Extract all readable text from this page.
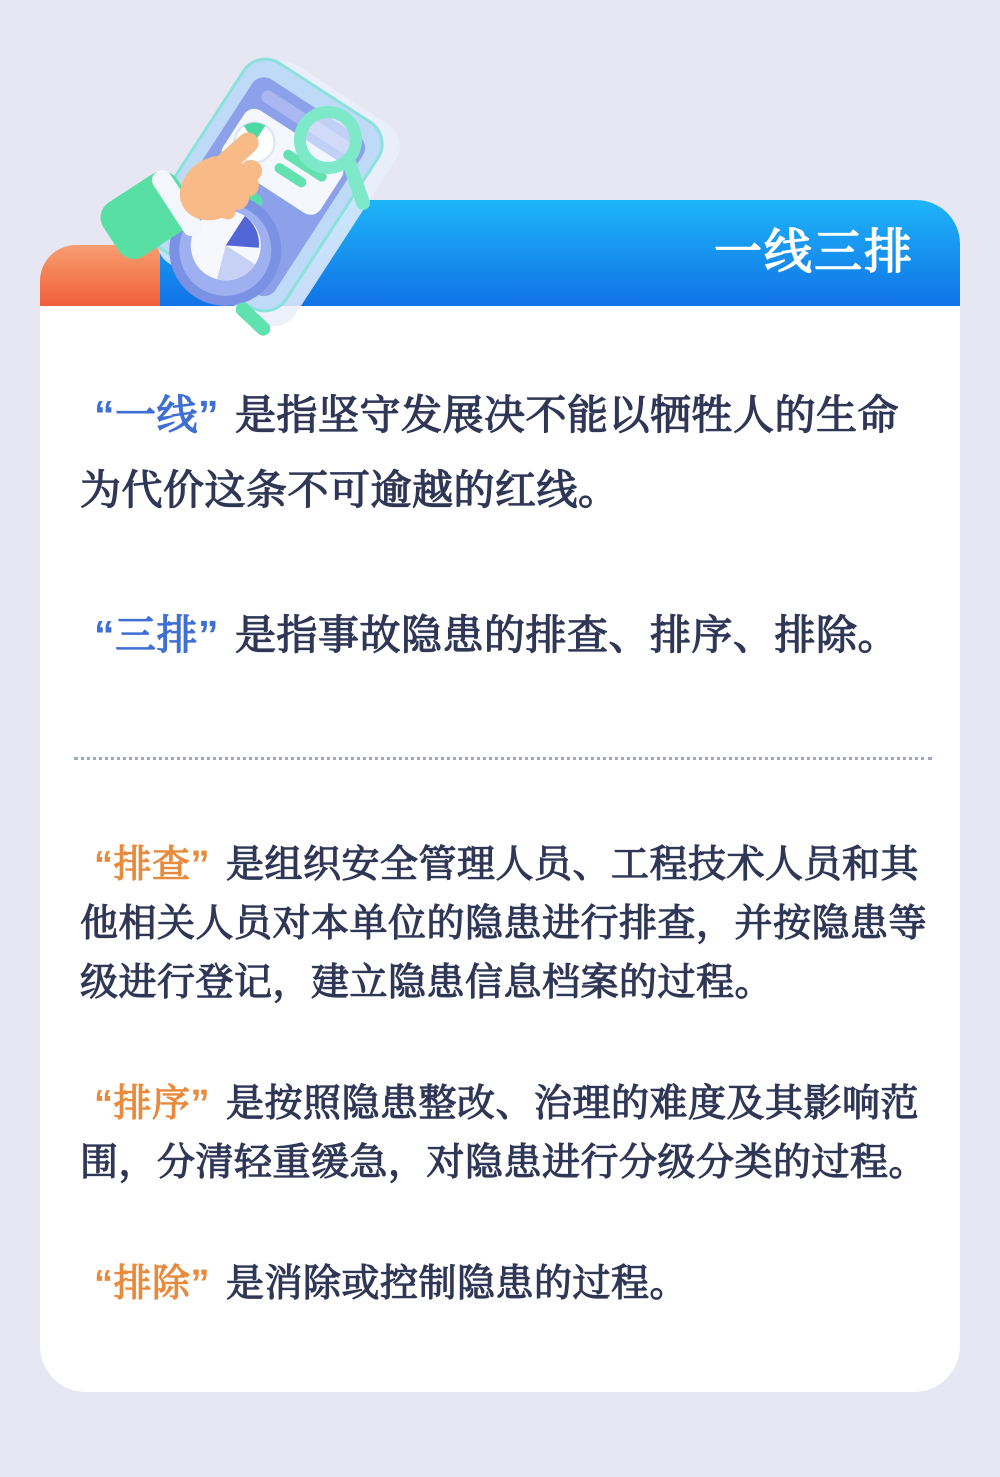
一线三排

“一线” 是指坚守发展决不能以牺牲人的生命为代价这条不可逾越的红线。

“三排” 是指事故隐患的排查、排序、排除。

“排查” 是组织安全管理人员、工程技术人员和其他相关人员对本单位的隐患进行排查，并按隐患等级进行登记，建立隐患信息档案的过程。

“排序” 是按照隐患整改、治理的难度及其影响范围，分清轻重缓急，对隐患进行分级分类的过程。

“排除” 是消除或控制隐患的过程。
